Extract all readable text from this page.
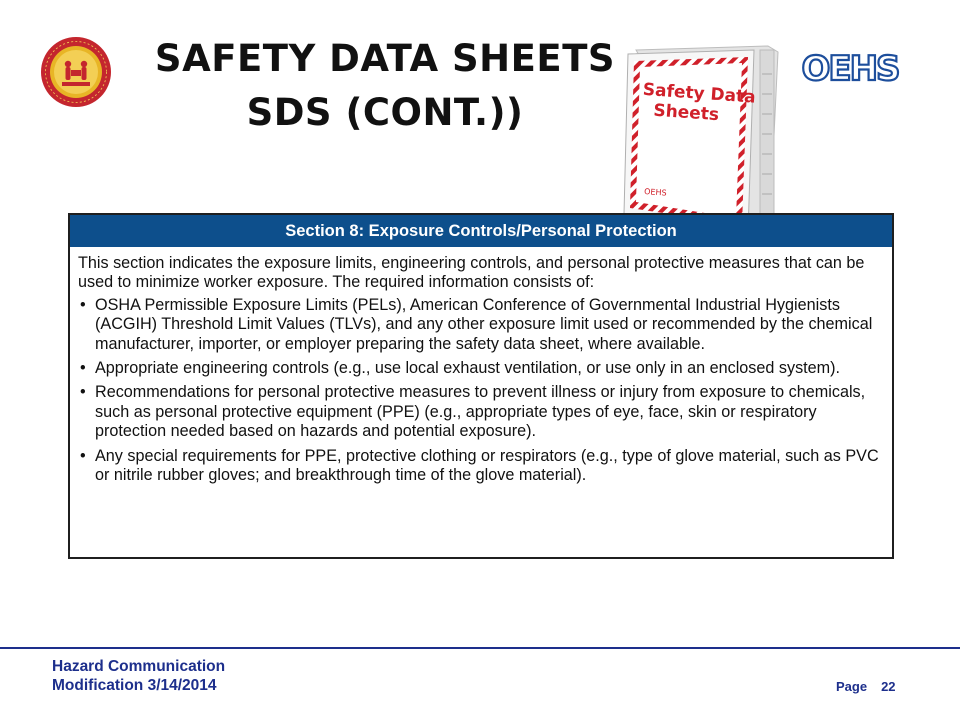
SAFETY DATA SHEETS
SDS (CONT.))	Safety Data
Sheets
OEHS
OEHS
Section 8: Exposure Controls/Personal Protection

This section indicates the exposure limits, engineering controls, and personal protective measures that can be used to minimize worker exposure. The required information consists of:

• OSHA Permissible Exposure Limits (PELs), American Conference of Governmental Industrial Hygienists (ACGIH) Threshold Limit Values (TLVs), and any other exposure limit used or recommended by the chemical manufacturer, importer, or employer preparing the safety data sheet, where available.
• Appropriate engineering controls (e.g., use local exhaust ventilation, or use only in an enclosed system).
• Recommendations for personal protective measures to prevent illness or injury from exposure to chemicals, such as personal protective equipment (PPE) (e.g., appropriate types of eye, face, skin or respiratory protection needed based on hazards and potential exposure).
• Any special requirements for PPE, protective clothing or respirators (e.g., type of glove material, such as PVC or nitrile rubber gloves; and breakthrough time of the glove material).
Hazard Communication
Modification 3/14/2014	Page 22
